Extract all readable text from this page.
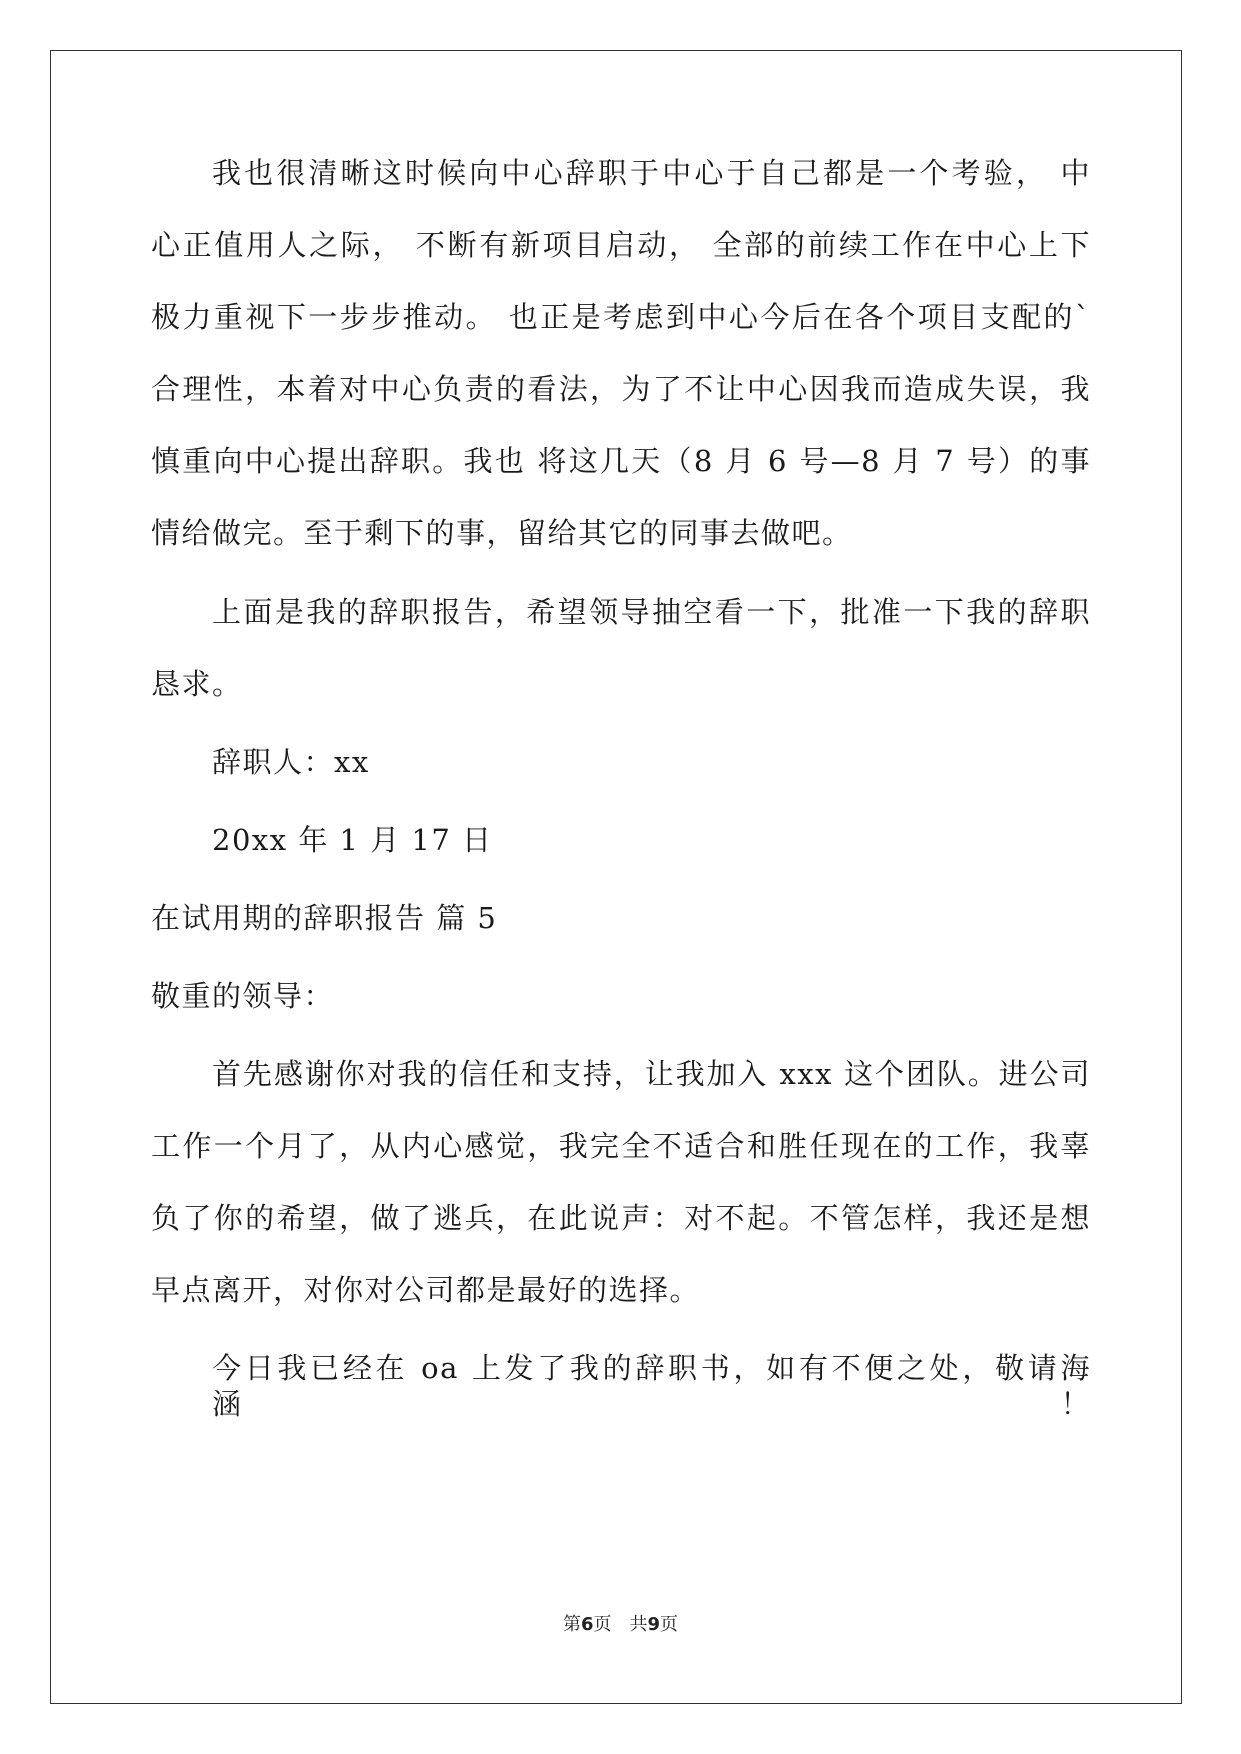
我也很清晰这时候向中心辞职于中心于自己都是一个考验， 中
心正值用人之际， 不断有新项目启动， 全部的前续工作在中心上下
极力重视下一步步推动。 也正是考虑到中心今后在各个项目支配的`
合理性，本着对中心负责的看法，为了不让中心因我而造成失误，我
慎重向中心提出辞职。我也 将这几天（8 月 6 号—8 月 7 号）的事
情给做完。至于剩下的事，留给其它的同事去做吧。
上面是我的辞职报告，希望领导抽空看一下，批准一下我的辞职
恳求。
辞职人：xx
20xx 年 1 月 17 日
在试用期的辞职报告 篇 5
敬重的领导：
首先感谢你对我的信任和支持，让我加入 xxx 这个团队。进公司
工作一个月了，从内心感觉，我完全不适合和胜任现在的工作，我辜
负了你的希望，做了逃兵，在此说声：对不起。不管怎样，我还是想
早点离开，对你对公司都是最好的选择。
今日我已经在 oa 上发了我的辞职书，如有不便之处，敬请海涵！
第6页　共9页
